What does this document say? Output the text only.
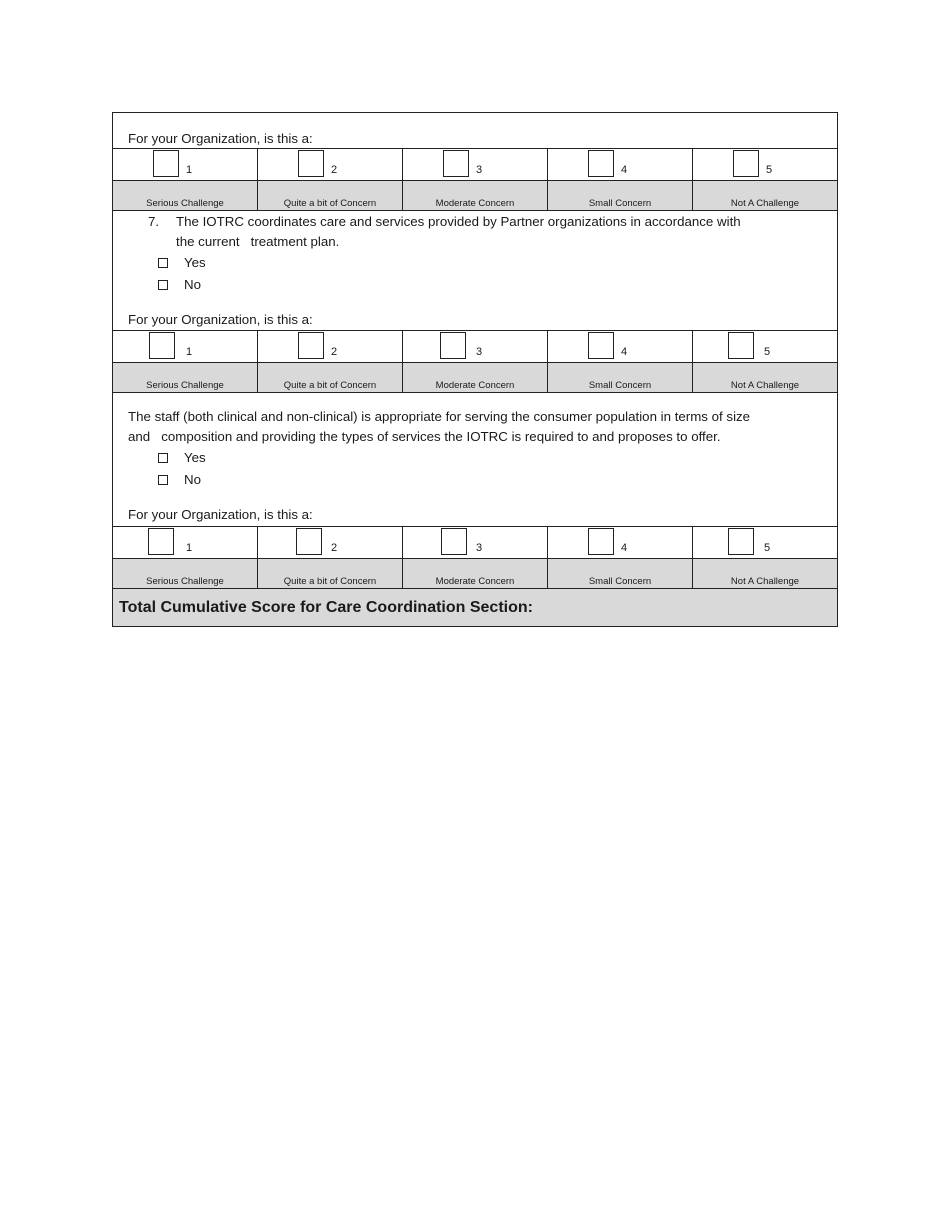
For your Organization, is this a:
1	2	3	4	5
Serious Challenge	Quite a bit of Concern	Moderate Concern	Small Concern	Not A Challenge
7. The IOTRC coordinates care and services provided by Partner organizations in accordance with
the current   treatment plan.
Yes
No
For your Organization, is this a:
1	2	3	4	5
Serious Challenge	Quite a bit of Concern	Moderate Concern	Small Concern	Not A Challenge
The staff (both clinical and non-clinical) is appropriate for serving the consumer population in terms of size
and   composition and providing the types of services the IOTRC is required to and proposes to offer.
Yes
No
For your Organization, is this a:
1	2	3	4	5
Serious Challenge	Quite a bit of Concern	Moderate Concern	Small Concern	Not A Challenge
Total Cumulative Score for Care Coordination Section:
